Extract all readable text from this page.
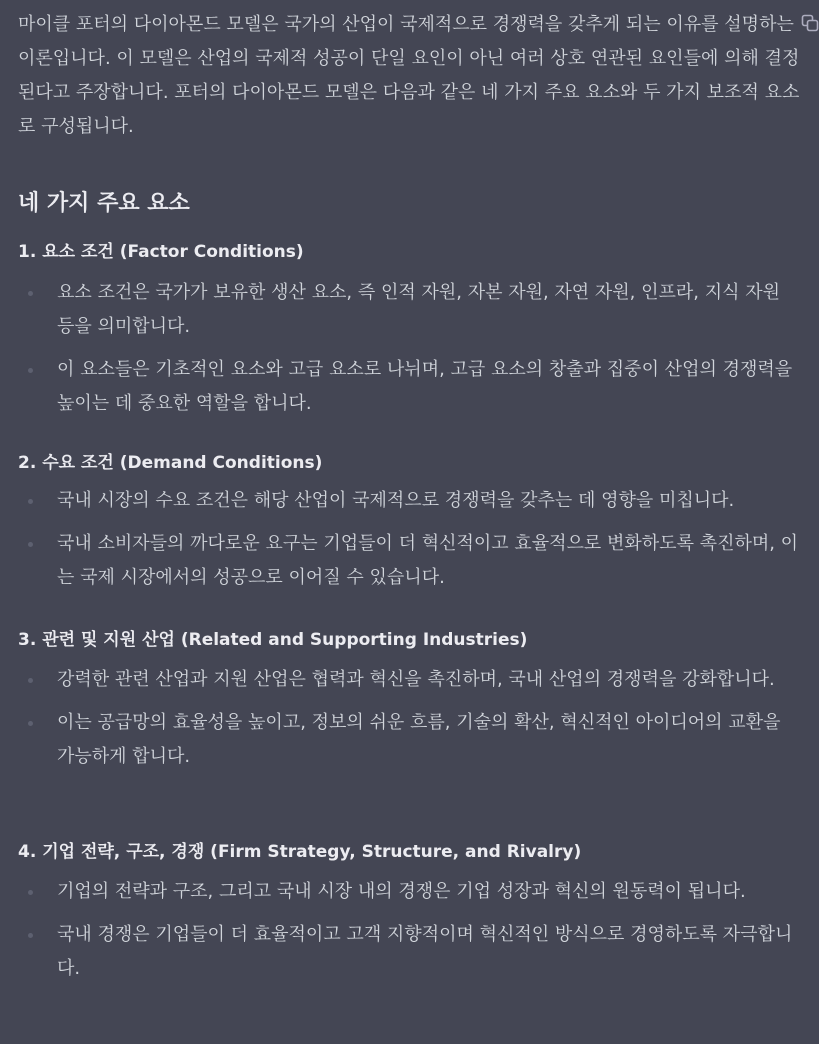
마이클 포터의 다이아몬드 모델은 국가의 산업이 국제적으로 경쟁력을 갖추게 되는 이유를 설명하는 이론입니다. 이 모델은 산업의 국제적 성공이 단일 요인이 아닌 여러 상호 연관된 요인들에 의해 결정된다고 주장합니다. 포터의 다이아몬드 모델은 다음과 같은 네 가지 주요 요소와 두 가지 보조적 요소로 구성됩니다.

네 가지 주요 요소
1. 요소 조건 (Factor Conditions)
요소 조건은 국가가 보유한 생산 요소, 즉 인적 자원, 자본 자원, 자연 자원, 인프라, 지식 자원 등을 의미합니다.
이 요소들은 기초적인 요소와 고급 요소로 나뉘며, 고급 요소의 창출과 집중이 산업의 경쟁력을 높이는 데 중요한 역할을 합니다.
2. 수요 조건 (Demand Conditions)
국내 시장의 수요 조건은 해당 산업이 국제적으로 경쟁력을 갖추는 데 영향을 미칩니다.
국내 소비자들의 까다로운 요구는 기업들이 더 혁신적이고 효율적으로 변화하도록 촉진하며, 이는 국제 시장에서의 성공으로 이어질 수 있습니다.
3. 관련 및 지원 산업 (Related and Supporting Industries)
강력한 관련 산업과 지원 산업은 협력과 혁신을 촉진하며, 국내 산업의 경쟁력을 강화합니다.
이는 공급망의 효율성을 높이고, 정보의 쉬운 흐름, 기술의 확산, 혁신적인 아이디어의 교환을 가능하게 합니다.
4. 기업 전략, 구조, 경쟁 (Firm Strategy, Structure, and Rivalry)
기업의 전략과 구조, 그리고 국내 시장 내의 경쟁은 기업 성장과 혁신의 원동력이 됩니다.
국내 경쟁은 기업들이 더 효율적이고 고객 지향적이며 혁신적인 방식으로 경영하도록 자극합니다.
